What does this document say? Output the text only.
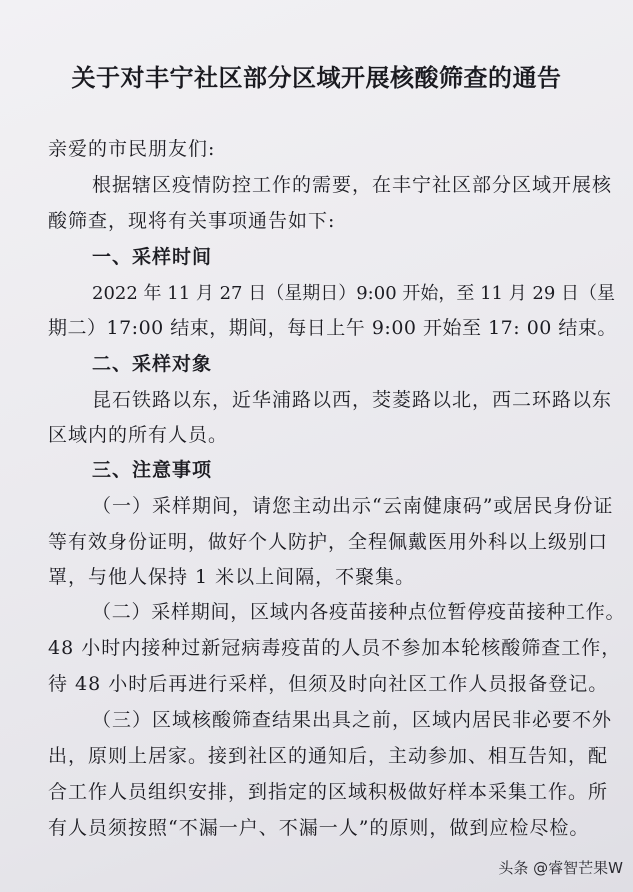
关于对丰宁社区部分区域开展核酸筛查的通告
亲爱的市民朋友们:
根据辖区疫情防控工作的需要，在丰宁社区部分区域开展核
酸筛查，现将有关事项通告如下:
一、采样时间
2022 年 11 月 27 日（星期日）9:00 开始，至 11 月 29 日（星
期二）17:00 结束，期间，每日上午 9:00 开始至 17: 00 结束。
二、采样对象
昆石铁路以东，近华浦路以西，茭菱路以北，西二环路以东
区域内的所有人员。
三、注意事项
（一）采样期间，请您主动出示“云南健康码”或居民身份证
等有效身份证明，做好个人防护，全程佩戴医用外科以上级别口
罩，与他人保持 1 米以上间隔，不聚集。
（二）采样期间，区域内各疫苗接种点位暂停疫苗接种工作。
48 小时内接种过新冠病毒疫苗的人员不参加本轮核酸筛查工作，
待 48 小时后再进行采样，但须及时向社区工作人员报备登记。
（三）区域核酸筛查结果出具之前，区域内居民非必要不外
出，原则上居家。接到社区的通知后，主动参加、相互告知，配
合工作人员组织安排，到指定的区域积极做好样本采集工作。所
有人员须按照“不漏一户、不漏一人”的原则，做到应检尽检。
头条 @睿智芒果W
